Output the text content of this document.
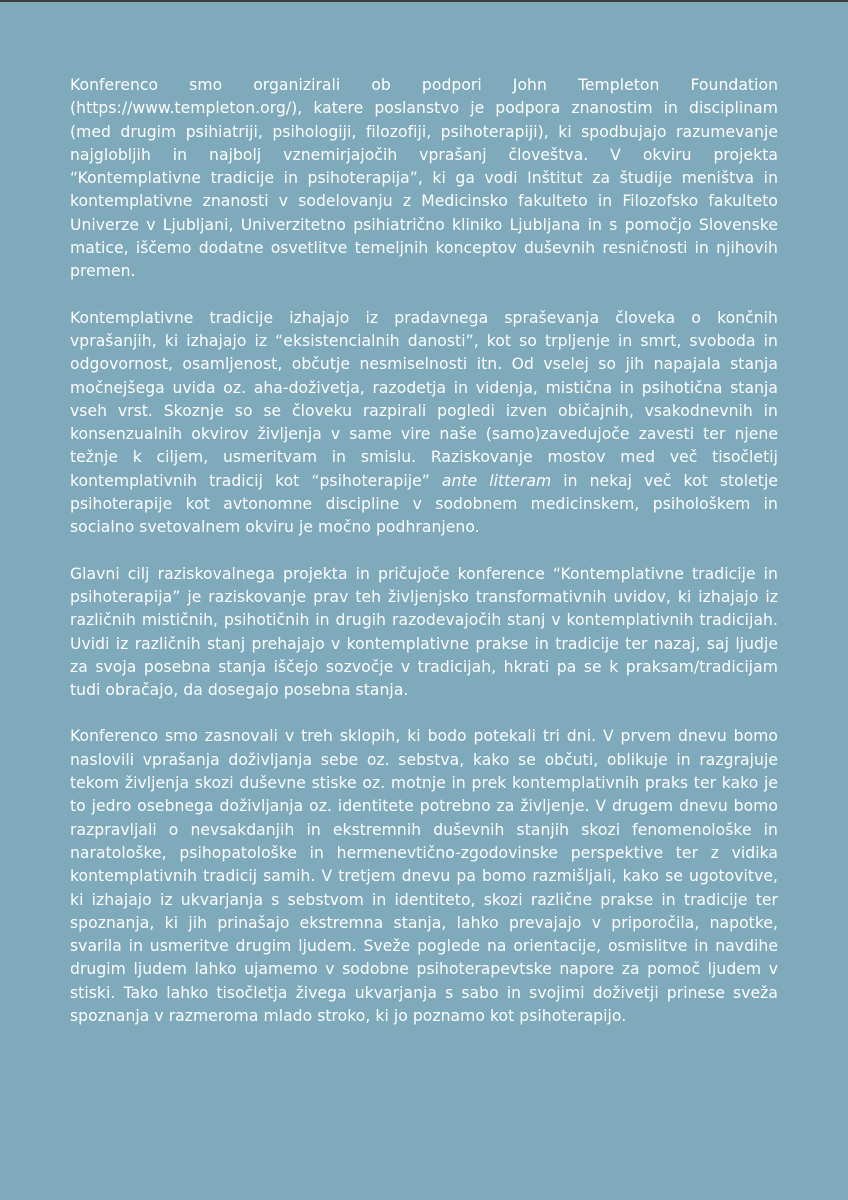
Konferenco smo organizirali ob podpori John Templeton Foundation (https://www.templeton.org/), katere poslanstvo je podpora znanostim in disciplinam (med drugim psihiatriji, psihologiji, filozofiji, psihoterapiji), ki spodbujajo razumevanje najglobljih in najbolj vznemirjajočih vprašanj človeštva. V okviru projekta “Kontemplativne tradicije in psihoterapija”, ki ga vodi Inštitut za študije meništva in kontemplativne znanosti v sodelovanju z Medicinsko fakulteto in Filozofsko fakulteto Univerze v Ljubljani, Univerzitetno psihiatrično kliniko Ljubljana in s pomočjo Slovenske matice, iščemo dodatne osvetlitve temeljnih konceptov duševnih resničnosti in njihovih premen.

Kontemplativne tradicije izhajajo iz pradavnega spraševanja človeka o končnih vprašanjih, ki izhajajo iz “eksistencialnih danosti”, kot so trpljenje in smrt, svoboda in odgovornost, osamljenost, občutje nesmiselnosti itn. Od vselej so jih napajala stanja močnejšega uvida oz. aha-doživetja, razodetja in videnja, mistična in psihotična stanja vseh vrst. Skoznje so se človeku razpirali pogledi izven običajnih, vsakodnevnih in konsenzualnih okvirov življenja v same vire naše (samo)zavedujoče zavesti ter njene težnje k ciljem, usmeritvam in smislu. Raziskovanje mostov med več tisočletij kontemplativnih tradicij kot “psihoterapije” ante litteram in nekaj več kot stoletje psihoterapije kot avtonomne discipline v sodobnem medicinskem, psihološkem in socialno svetovalnem okviru je močno podhranjeno.

Glavni cilj raziskovalnega projekta in pričujoče konference “Kontemplativne tradicije in psihoterapija” je raziskovanje prav teh življenjsko transformativnih uvidov, ki izhajajo iz različnih mističnih, psihotičnih in drugih razodevajočih stanj v kontemplativnih tradicijah. Uvidi iz različnih stanj prehajajo v kontemplativne prakse in tradicije ter nazaj, saj ljudje za svoja posebna stanja iščejo sozvočje v tradicijah, hkrati pa se k praksam/tradicijam tudi obračajo, da dosegajo posebna stanja.

Konferenco smo zasnovali v treh sklopih, ki bodo potekali tri dni. V prvem dnevu bomo naslovili vprašanja doživljanja sebe oz. sebstva, kako se občuti, oblikuje in razgrajuje tekom življenja skozi duševne stiske oz. motnje in prek kontemplativnih praks ter kako je to jedro osebnega doživljanja oz. identitete potrebno za življenje. V drugem dnevu bomo razpravljali o nevsakdanjih in ekstremnih duševnih stanjih skozi fenomenološke in naratološke, psihopatološke in hermenevtično-zgodovinske perspektive ter z vidika kontemplativnih tradicij samih. V tretjem dnevu pa bomo razmišljali, kako se ugotovitve, ki izhajajo iz ukvarjanja s sebstvom in identiteto, skozi različne prakse in tradicije ter spoznanja, ki jih prinašajo ekstremna stanja, lahko prevajajo v priporočila, napotke, svarila in usmeritve drugim ljudem. Sveže poglede na orientacije, osmislitve in navdihe drugim ljudem lahko ujamemo v sodobne psihoterapevtske napore za pomoč ljudem v stiski. Tako lahko tisočletja živega ukvarjanja s sabo in svojimi doživetji prinese sveža spoznanja v razmeroma mlado stroko, ki jo poznamo kot psihoterapijo.
